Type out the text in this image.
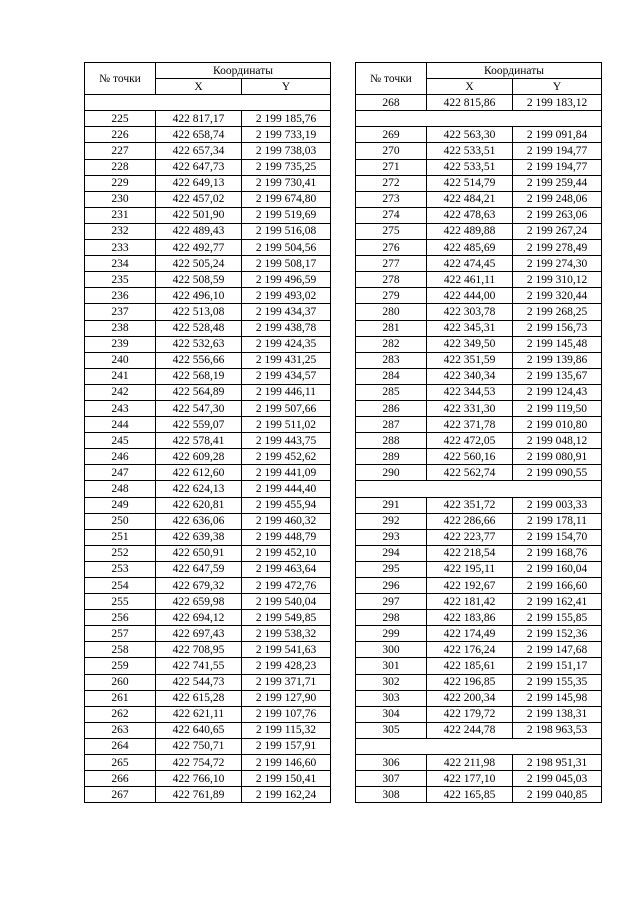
№ точки	Координаты	
	X	Y

225	422 817,17	2 199 185,76
226	422 658,74	2 199 733,19
227	422 657,34	2 199 738,03
228	422 647,73	2 199 735,25
229	422 649,13	2 199 730,41
230	422 457,02	2 199 674,80
231	422 501,90	2 199 519,69
232	422 489,43	2 199 516,08
233	422 492,77	2 199 504,56
234	422 505,24	2 199 508,17
235	422 508,59	2 199 496,59
236	422 496,10	2 199 493,02
237	422 513,08	2 199 434,37
238	422 528,48	2 199 438,78
239	422 532,63	2 199 424,35
240	422 556,66	2 199 431,25
241	422 568,19	2 199 434,57
242	422 564,89	2 199 446,11
243	422 547,30	2 199 507,66
244	422 559,07	2 199 511,02
245	422 578,41	2 199 443,75
246	422 609,28	2 199 452,62
247	422 612,60	2 199 441,09
248	422 624,13	2 199 444,40
249	422 620,81	2 199 455,94
250	422 636,06	2 199 460,32
251	422 639,38	2 199 448,79
252	422 650,91	2 199 452,10
253	422 647,59	2 199 463,64
254	422 679,32	2 199 472,76
255	422 659,98	2 199 540,04
256	422 694,12	2 199 549,85
257	422 697,43	2 199 538,32
258	422 708,95	2 199 541,63
259	422 741,55	2 199 428,23
260	422 544,73	2 199 371,71
261	422 615,28	2 199 127,90
262	422 621,11	2 199 107,76
263	422 640,65	2 199 115,32
264	422 750,71	2 199 157,91
265	422 754,72	2 199 146,60
266	422 766,10	2 199 150,41
267	422 761,89	2 199 162,24
№ точки	Координаты	
	X	Y
268	422 815,86	2 199 183,12

269	422 563,30	2 199 091,84
270	422 533,51	2 199 194,77
271	422 533,51	2 199 194,77
272	422 514,79	2 199 259,44
273	422 484,21	2 199 248,06
274	422 478,63	2 199 263,06
275	422 489,88	2 199 267,24
276	422 485,69	2 199 278,49
277	422 474,45	2 199 274,30
278	422 461,11	2 199 310,12
279	422 444,00	2 199 320,44
280	422 303,78	2 199 268,25
281	422 345,31	2 199 156,73
282	422 349,50	2 199 145,48
283	422 351,59	2 199 139,86
284	422 340,34	2 199 135,67
285	422 344,53	2 199 124,43
286	422 331,30	2 199 119,50
287	422 371,78	2 199 010,80
288	422 472,05	2 199 048,12
289	422 560,16	2 199 080,91
290	422 562,74	2 199 090,55

291	422 351,72	2 199 003,33
292	422 286,66	2 199 178,11
293	422 223,77	2 199 154,70
294	422 218,54	2 199 168,76
295	422 195,11	2 199 160,04
296	422 192,67	2 199 166,60
297	422 181,42	2 199 162,41
298	422 183,86	2 199 155,85
299	422 174,49	2 199 152,36
300	422 176,24	2 199 147,68
301	422 185,61	2 199 151,17
302	422 196,85	2 199 155,35
303	422 200,34	2 199 145,98
304	422 179,72	2 199 138,31
305	422 244,78	2 198 963,53

306	422 211,98	2 198 951,31
307	422 177,10	2 199 045,03
308	422 165,85	2 199 040,85
